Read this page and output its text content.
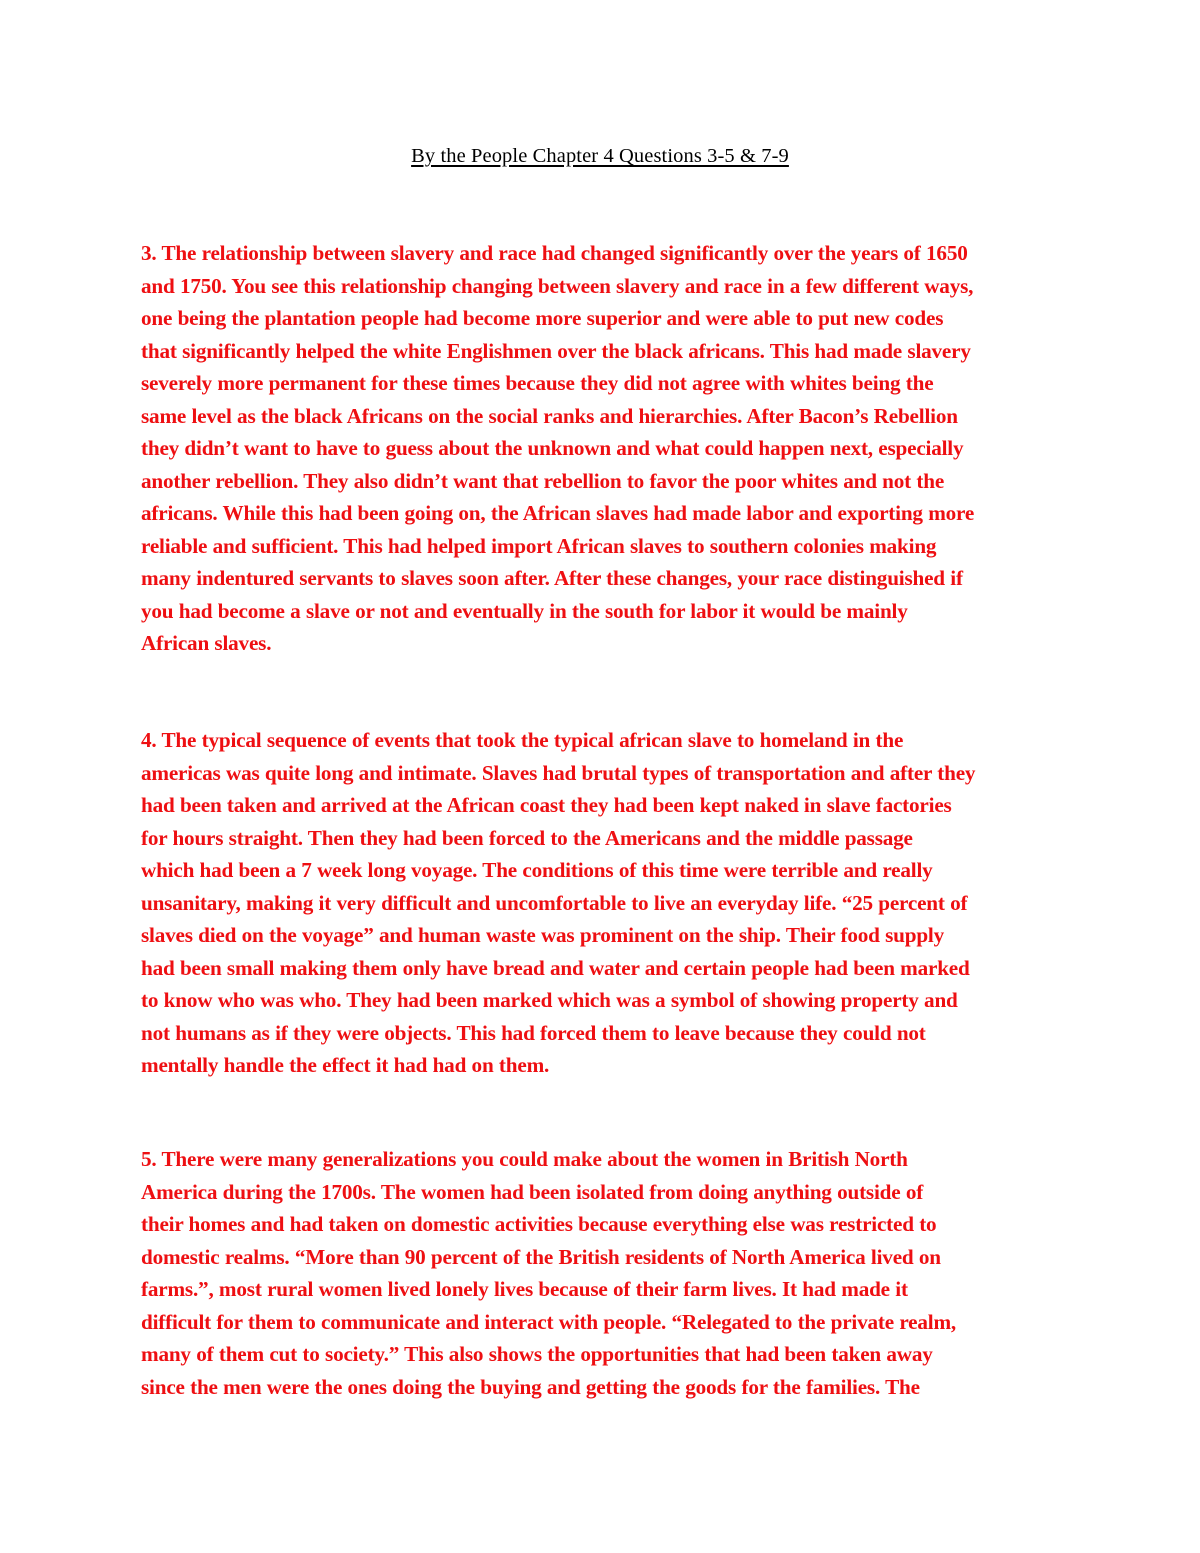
By the People Chapter 4 Questions 3-5 & 7-9

3. The relationship between slavery and race had changed significantly over the years of 1650
and 1750. You see this relationship changing between slavery and race in a few different ways,
one being the plantation people had become more superior and were able to put new codes
that significantly helped the white Englishmen over the black africans. This had made slavery
severely more permanent for these times because they did not agree with whites being the
same level as the black Africans on the social ranks and hierarchies. After Bacon’s Rebellion
they didn’t want to have to guess about the unknown and what could happen next, especially
another rebellion. They also didn’t want that rebellion to favor the poor whites and not the
africans. While this had been going on, the African slaves had made labor and exporting more
reliable and sufficient. This had helped import African slaves to southern colonies making
many indentured servants to slaves soon after. After these changes, your race distinguished if
you had become a slave or not and eventually in the south for labor it would be mainly
African slaves.

4. The typical sequence of events that took the typical african slave to homeland in the
americas was quite long and intimate. Slaves had brutal types of transportation and after they
had been taken and arrived at the African coast they had been kept naked in slave factories
for hours straight. Then they had been forced to the Americans and the middle passage
which had been a 7 week long voyage. The conditions of this time were terrible and really
unsanitary, making it very difficult and uncomfortable to live an everyday life. “25 percent of
slaves died on the voyage” and human waste was prominent on the ship. Their food supply
had been small making them only have bread and water and certain people had been marked
to know who was who. They had been marked which was a symbol of showing property and
not humans as if they were objects. This had forced them to leave because they could not
mentally handle the effect it had had on them.

5. There were many generalizations you could make about the women in British North
America during the 1700s. The women had been isolated from doing anything outside of
their homes and had taken on domestic activities because everything else was restricted to
domestic realms. “More than 90 percent of the British residents of North America lived on
farms.”, most rural women lived lonely lives because of their farm lives. It had made it
difficult for them to communicate and interact with people. “Relegated to the private realm,
many of them cut to society.” This also shows the opportunities that had been taken away
since the men were the ones doing the buying and getting the goods for the families. The
